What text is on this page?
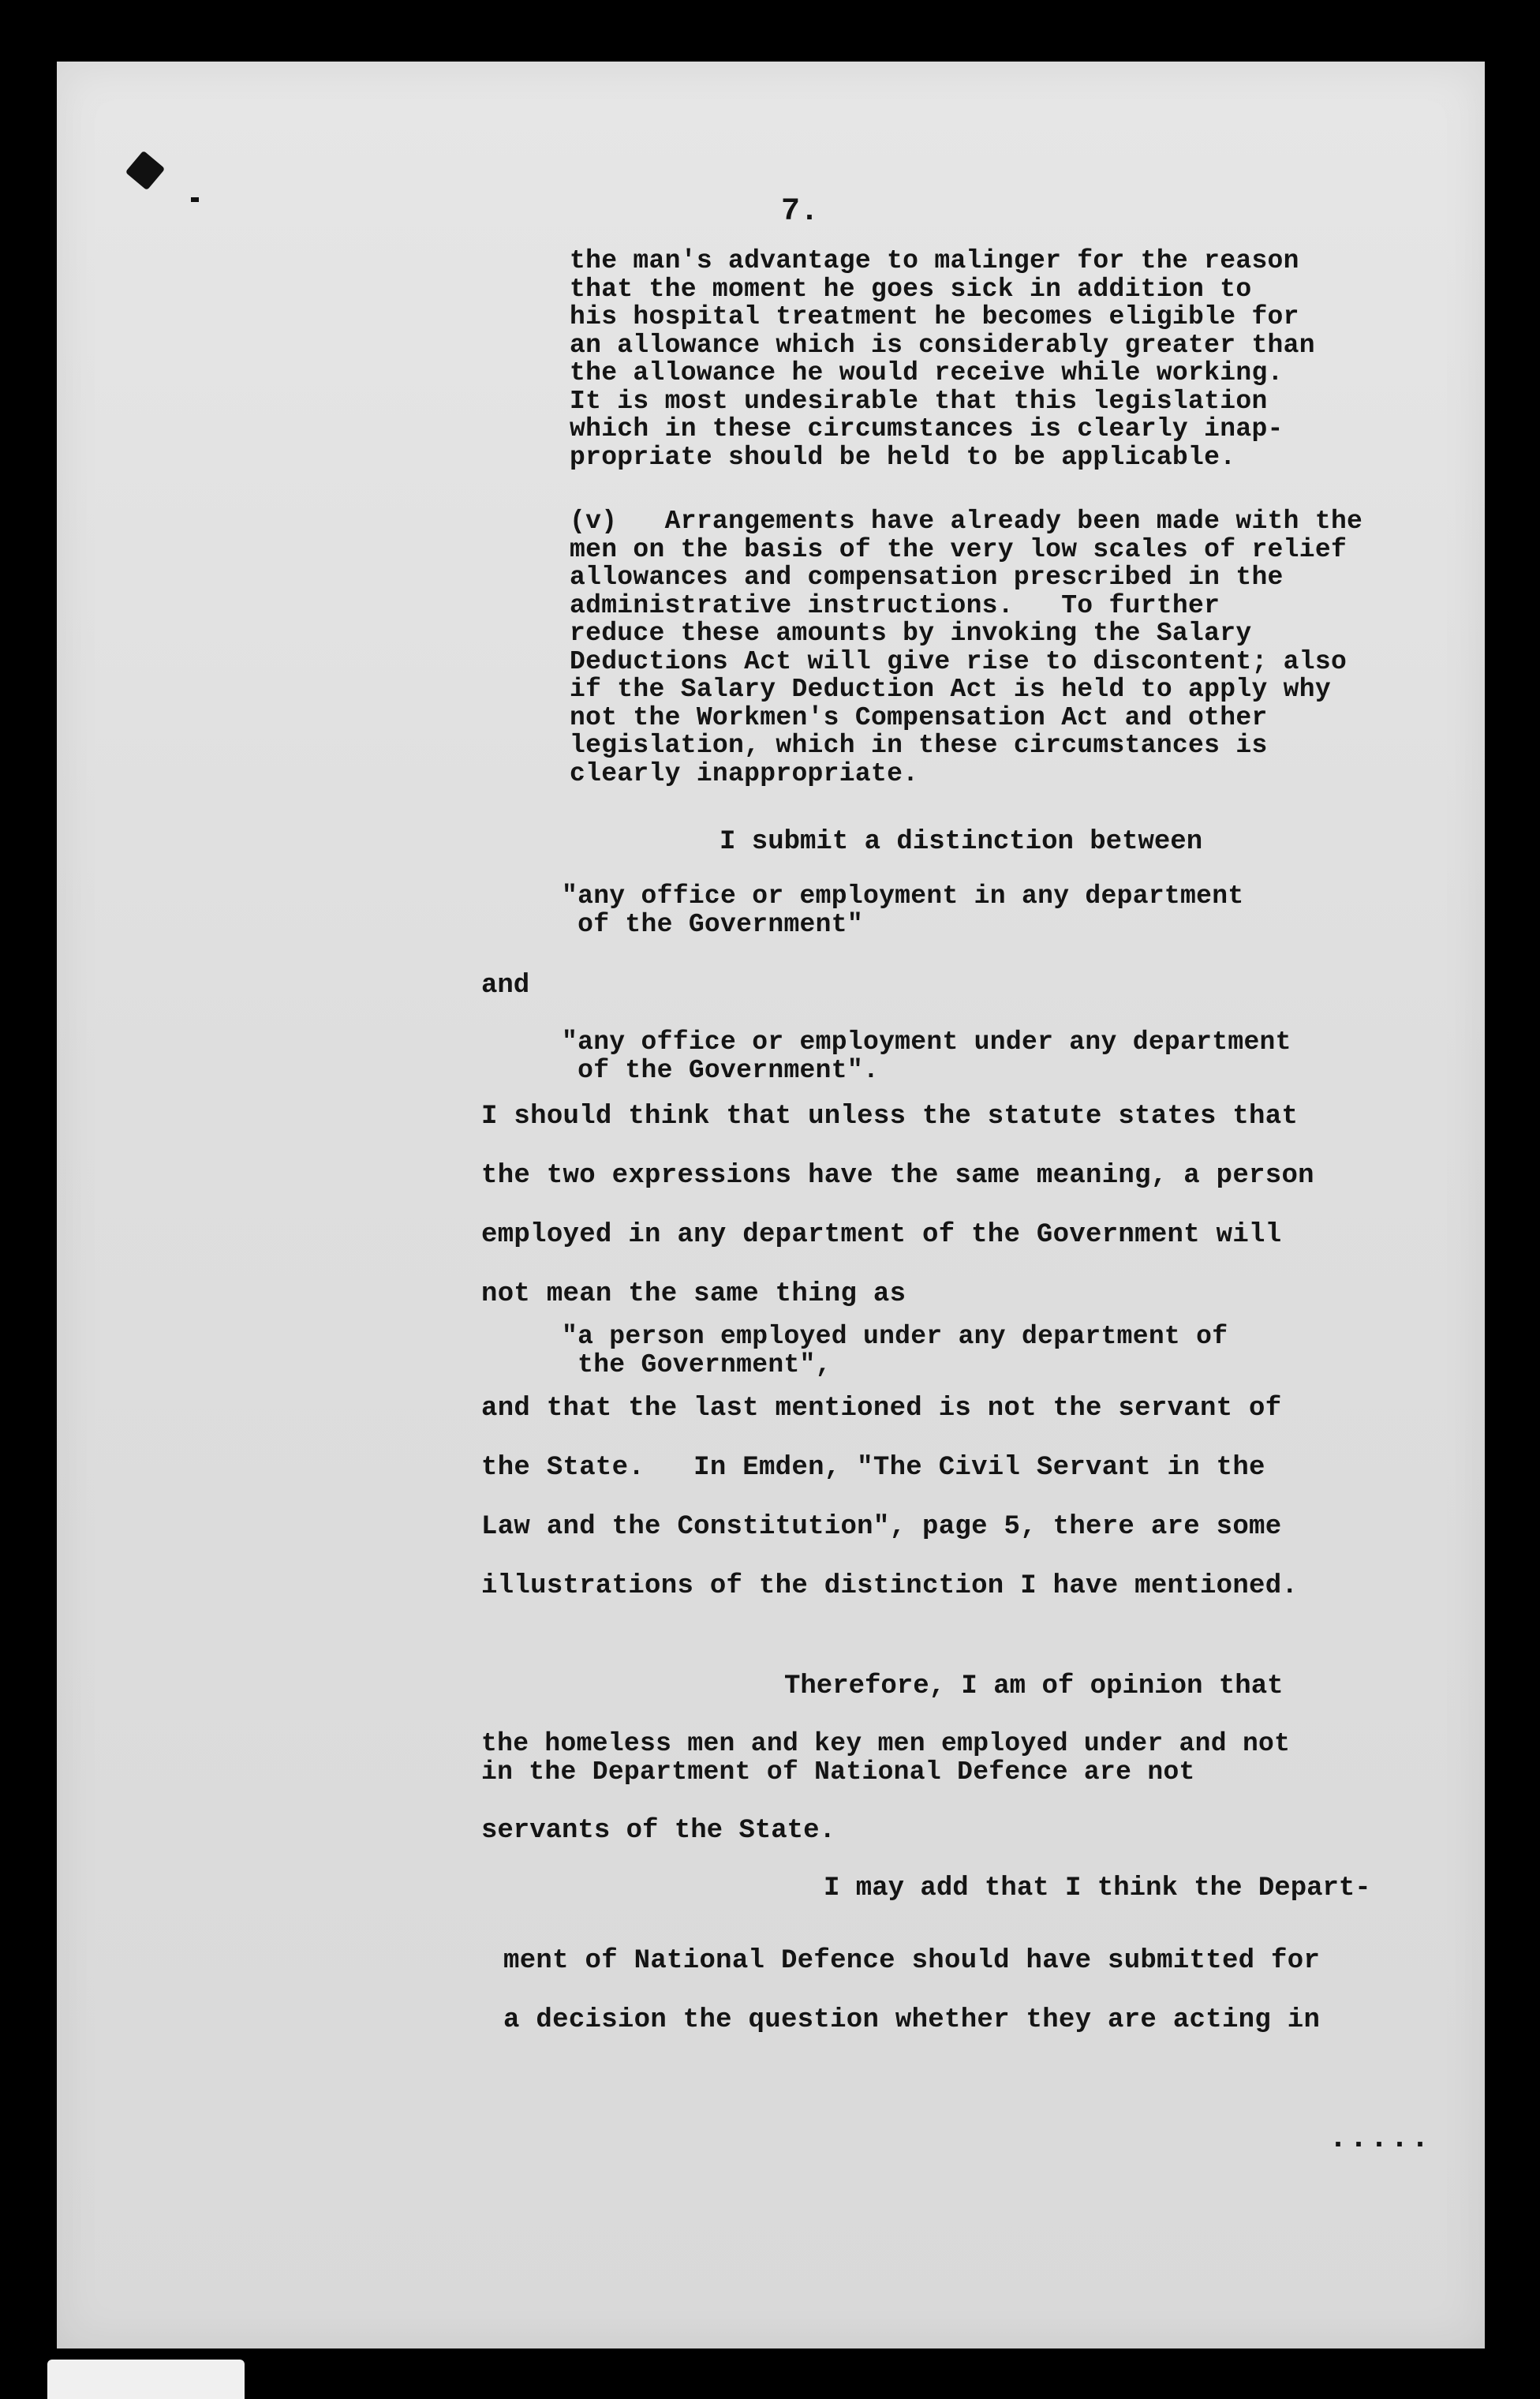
7.
the man's advantage to malinger for the reason
that the moment he goes sick in addition to
his hospital treatment he becomes eligible for
an allowance which is considerably greater than
the allowance he would receive while working.
It is most undesirable that this legislation
which in these circumstances is clearly inap-
propriate should be held to be applicable.
(v)   Arrangements have already been made with the
men on the basis of the very low scales of relief
allowances and compensation prescribed in the
administrative instructions.   To further
reduce these amounts by invoking the Salary
Deductions Act will give rise to discontent; also
if the Salary Deduction Act is held to apply why
not the Workmen's Compensation Act and other
legislation, which in these circumstances is
clearly inappropriate.
I submit a distinction between
"any office or employment in any department
of the Government"
and
"any office or employment under any department
of the Government".
I should think that unless the statute states that
the two expressions have the same meaning, a person
employed in any department of the Government will
not mean the same thing as
"a person employed under any department of
the Government",
and that the last mentioned is not the servant of
the State.   In Emden, "The Civil Servant in the
Law and the Constitution", page 5, there are some
illustrations of the distinction I have mentioned.
Therefore, I am of opinion that
the homeless men and key men employed under and not
in the Department of National Defence are not
servants of the State.
I may add that I think the Depart-
ment of National Defence should have submitted for
a decision the question whether they are acting in
.....
